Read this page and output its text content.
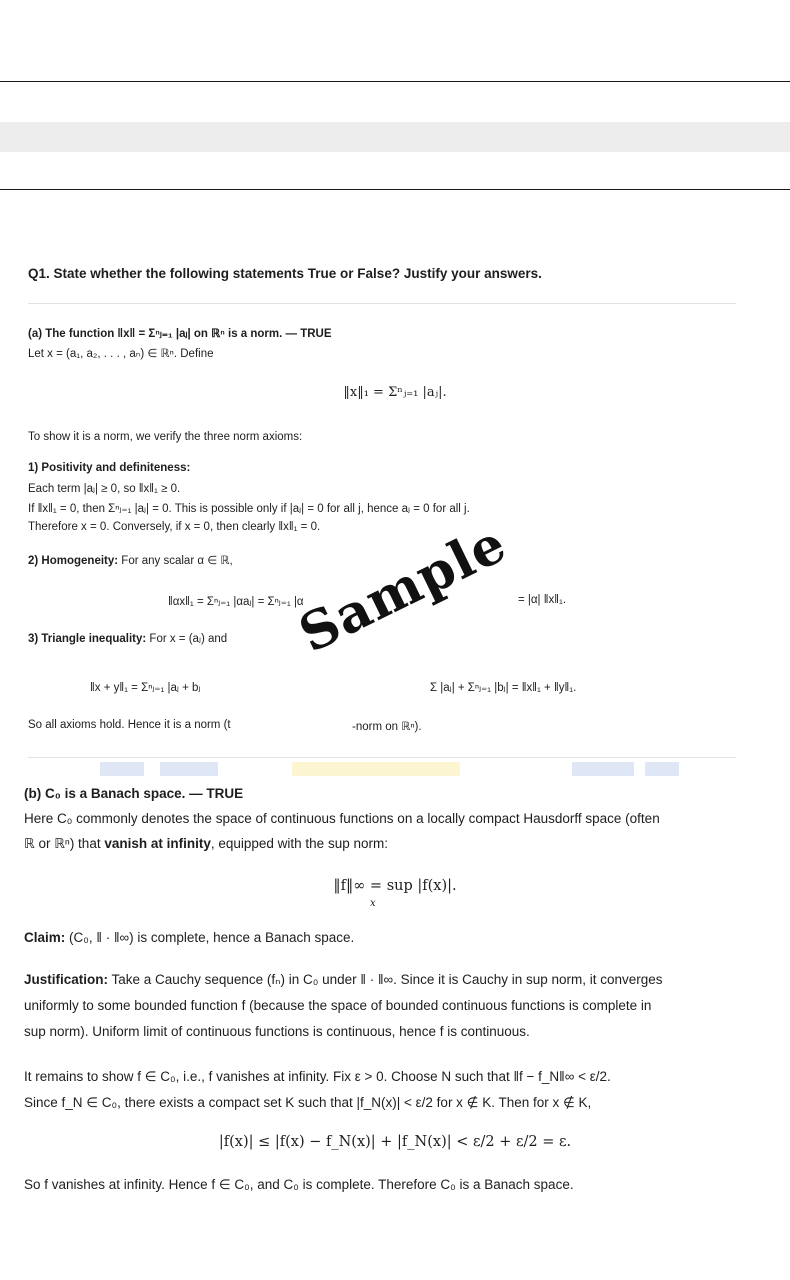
Q1. State whether the following statements True or False? Justify your answers.
(a) The function ‖x‖ = Σⁿⱼ₌₁ |aⱼ| on ℝⁿ is a norm. — TRUE
Let x = (a₁, a₂, . . . , aₙ) ∈ ℝⁿ. Define
‖x‖₁ = Σⁿⱼ₌₁ |aⱼ|.
To show it is a norm, we verify the three norm axioms:
1) Positivity and definiteness:
Each term |aⱼ| ≥ 0, so ‖x‖₁ ≥ 0.
If ‖x‖₁ = 0, then Σⁿⱼ₌₁ |aⱼ| = 0. This is possible only if |aⱼ| = 0 for all j, hence aⱼ = 0 for all j.
Therefore x = 0. Conversely, if x = 0, then clearly ‖x‖₁ = 0.
2) Homogeneity: For any scalar α ∈ ℝ,
‖αx‖₁ = Σⁿⱼ₌₁ |αaⱼ| = Σⁿⱼ₌₁ |α	= |α| ‖x‖₁.
3) Triangle inequality: For x = (aⱼ) and
‖x + y‖₁ = Σⁿⱼ₌₁ |aⱼ + bⱼ	Σ |aⱼ| + Σⁿⱼ₌₁ |bⱼ| = ‖x‖₁ + ‖y‖₁.
So all axioms hold. Hence it is a norm (t	-norm on ℝⁿ).
Sample
(b) C₀ is a Banach space. — TRUE
Here C₀ commonly denotes the space of continuous functions on a locally compact Hausdorff space (often
ℝ or ℝⁿ) that vanish at infinity, equipped with the sup norm:
‖f‖∞ = sup |f(x)|.
x
Claim: (C₀, ‖ · ‖∞) is complete, hence a Banach space.
Justification: Take a Cauchy sequence (fₙ) in C₀ under ‖ · ‖∞. Since it is Cauchy in sup norm, it converges
uniformly to some bounded function f (because the space of bounded continuous functions is complete in
sup norm). Uniform limit of continuous functions is continuous, hence f is continuous.
It remains to show f ∈ C₀, i.e., f vanishes at infinity. Fix ε > 0. Choose N such that ‖f − f_N‖∞ < ε/2.
Since f_N ∈ C₀, there exists a compact set K such that |f_N(x)| < ε/2 for x ∉ K. Then for x ∉ K,
|f(x)| ≤ |f(x) − f_N(x)| + |f_N(x)| < ε/2 + ε/2 = ε.
So f vanishes at infinity. Hence f ∈ C₀, and C₀ is complete. Therefore C₀ is a Banach space.
